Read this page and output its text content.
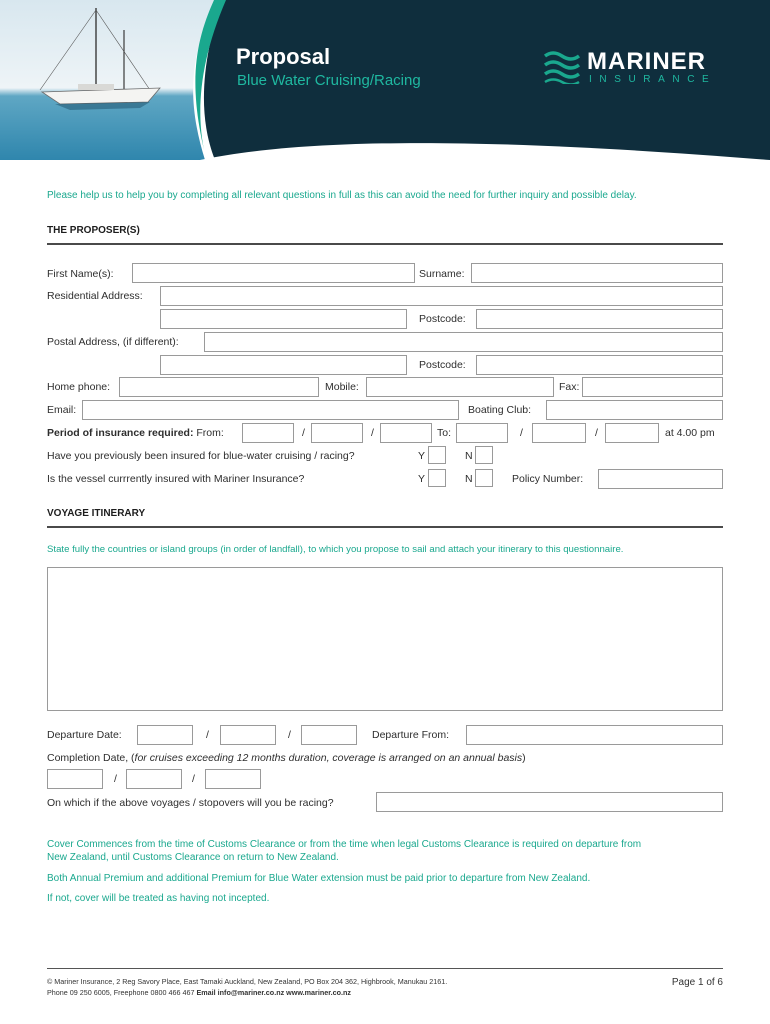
Proposal
Blue Water Cruising/Racing
MARINER
INSURANCE
Please help us to help you by completing all relevant questions in full as this can avoid the need for further inquiry and possible delay.
THE PROPOSER(S)
First Name(s):	Surname:
Residential Address:
Postcode:
Postal Address, (if different):
Postcode:
Home phone:	Mobile:	Fax:
Email:	Boating Club:
Period of insurance required: From:	/	/	To:	/	/	at 4.00 pm
Have you previously been insured for blue-water cruising / racing?	Y	N
Is the vessel currrently insured with Mariner Insurance?	Y	N	Policy Number:
VOYAGE ITINERARY
State fully the countries or island groups (in order of landfall), to which you propose to sail and attach your itinerary to this questionnaire.
Departure Date:	/	/	Departure From:
Completion Date, (for cruises exceeding 12 months duration, coverage is arranged on an annual basis)
/	/
On which if the above voyages / stopovers will you be racing?
Cover Commences from the time of Customs Clearance or from the time when legal Customs Clearance is required on departure from
New Zealand, until Customs Clearance on return to New Zealand.
Both Annual Premium and additional Premium for Blue Water extension must be paid prior to departure from New Zealand.
If not, cover will be treated as having not incepted.
© Mariner Insurance, 2 Reg Savory Place, East Tamaki Auckland, New Zealand, PO Box 204 362, Highbrook, Manukau 2161.
Phone 09 250 6005, Freephone 0800 466 467 Email info@mariner.co.nz www.mariner.co.nz
Page 1 of 6
